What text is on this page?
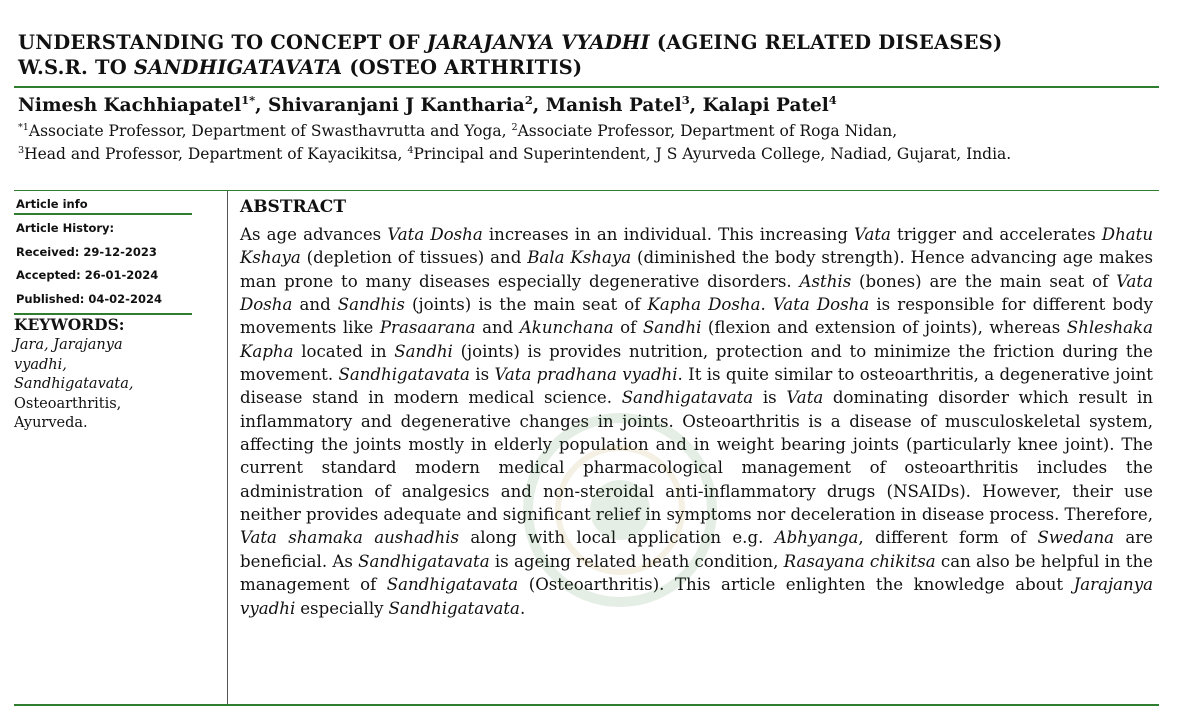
UNDERSTANDING TO CONCEPT OF JARAJANYA VYADHI (AGEING RELATED DISEASES)
W.S.R. TO SANDHIGATAVATA (OSTEO ARTHRITIS)
Nimesh Kachhiapatel$^{1*}$, Shivaranjani J Kantharia$^2$, Manish Patel$^3$, Kalapi Patel$^4$
$^{*1}$Associate Professor, Department of Swasthavrutta and Yoga, $^2$Associate Professor, Department of Roga Nidan,
$^3$Head and Professor, Department of Kayacikitsa, $^4$Principal and Superintendent, J S Ayurveda College, Nadiad, Gujarat, India.
Article info
Article History:
Received: 29-12-2023
Accepted: 26-01-2024
Published: 04-02-2024
KEYWORDS:
Jara, Jarajanya vyadhi, Sandhigatavata, Osteoarthritis, Ayurveda.
ABSTRACT
As age advances Vata Dosha increases in an individual. This increasing Vata trigger and accelerates Dhatu Kshaya (depletion of tissues) and Bala Kshaya (diminished the body strength). Hence advancing age makes man prone to many diseases especially degenerative disorders. Asthis (bones) are the main seat of Vata Dosha and Sandhis (joints) is the main seat of Kapha Dosha. Vata Dosha is responsible for different body movements like Prasaarana and Akunchana of Sandhi (flexion and extension of joints), whereas Shleshaka Kapha located in Sandhi (joints) is provides nutrition, protection and to minimize the friction during the movement. Sandhigatavata is Vata pradhana vyadhi. It is quite similar to osteoarthritis, a degenerative joint disease stand in modern medical science. Sandhigatavata is Vata dominating disorder which result in inflammatory and degenerative changes in joints. Osteoarthritis is a disease of musculoskeletal system, affecting the joints mostly in elderly population and in weight bearing joints (particularly knee joint). The current standard modern medical pharmacological management of osteoarthritis includes the administration of analgesics and non-steroidal anti-inflammatory drugs (NSAIDs). However, their use neither provides adequate and significant relief in symptoms nor deceleration in disease process. Therefore, Vata shamaka aushadhis along with local application e.g. Abhyanga, different form of Swedana are beneficial. As Sandhigatavata is ageing related heath condition, Rasayana chikitsa can also be helpful in the management of Sandhigatavata (Osteoarthritis). This article enlighten the knowledge about Jarajanya vyadhi especially Sandhigatavata.
